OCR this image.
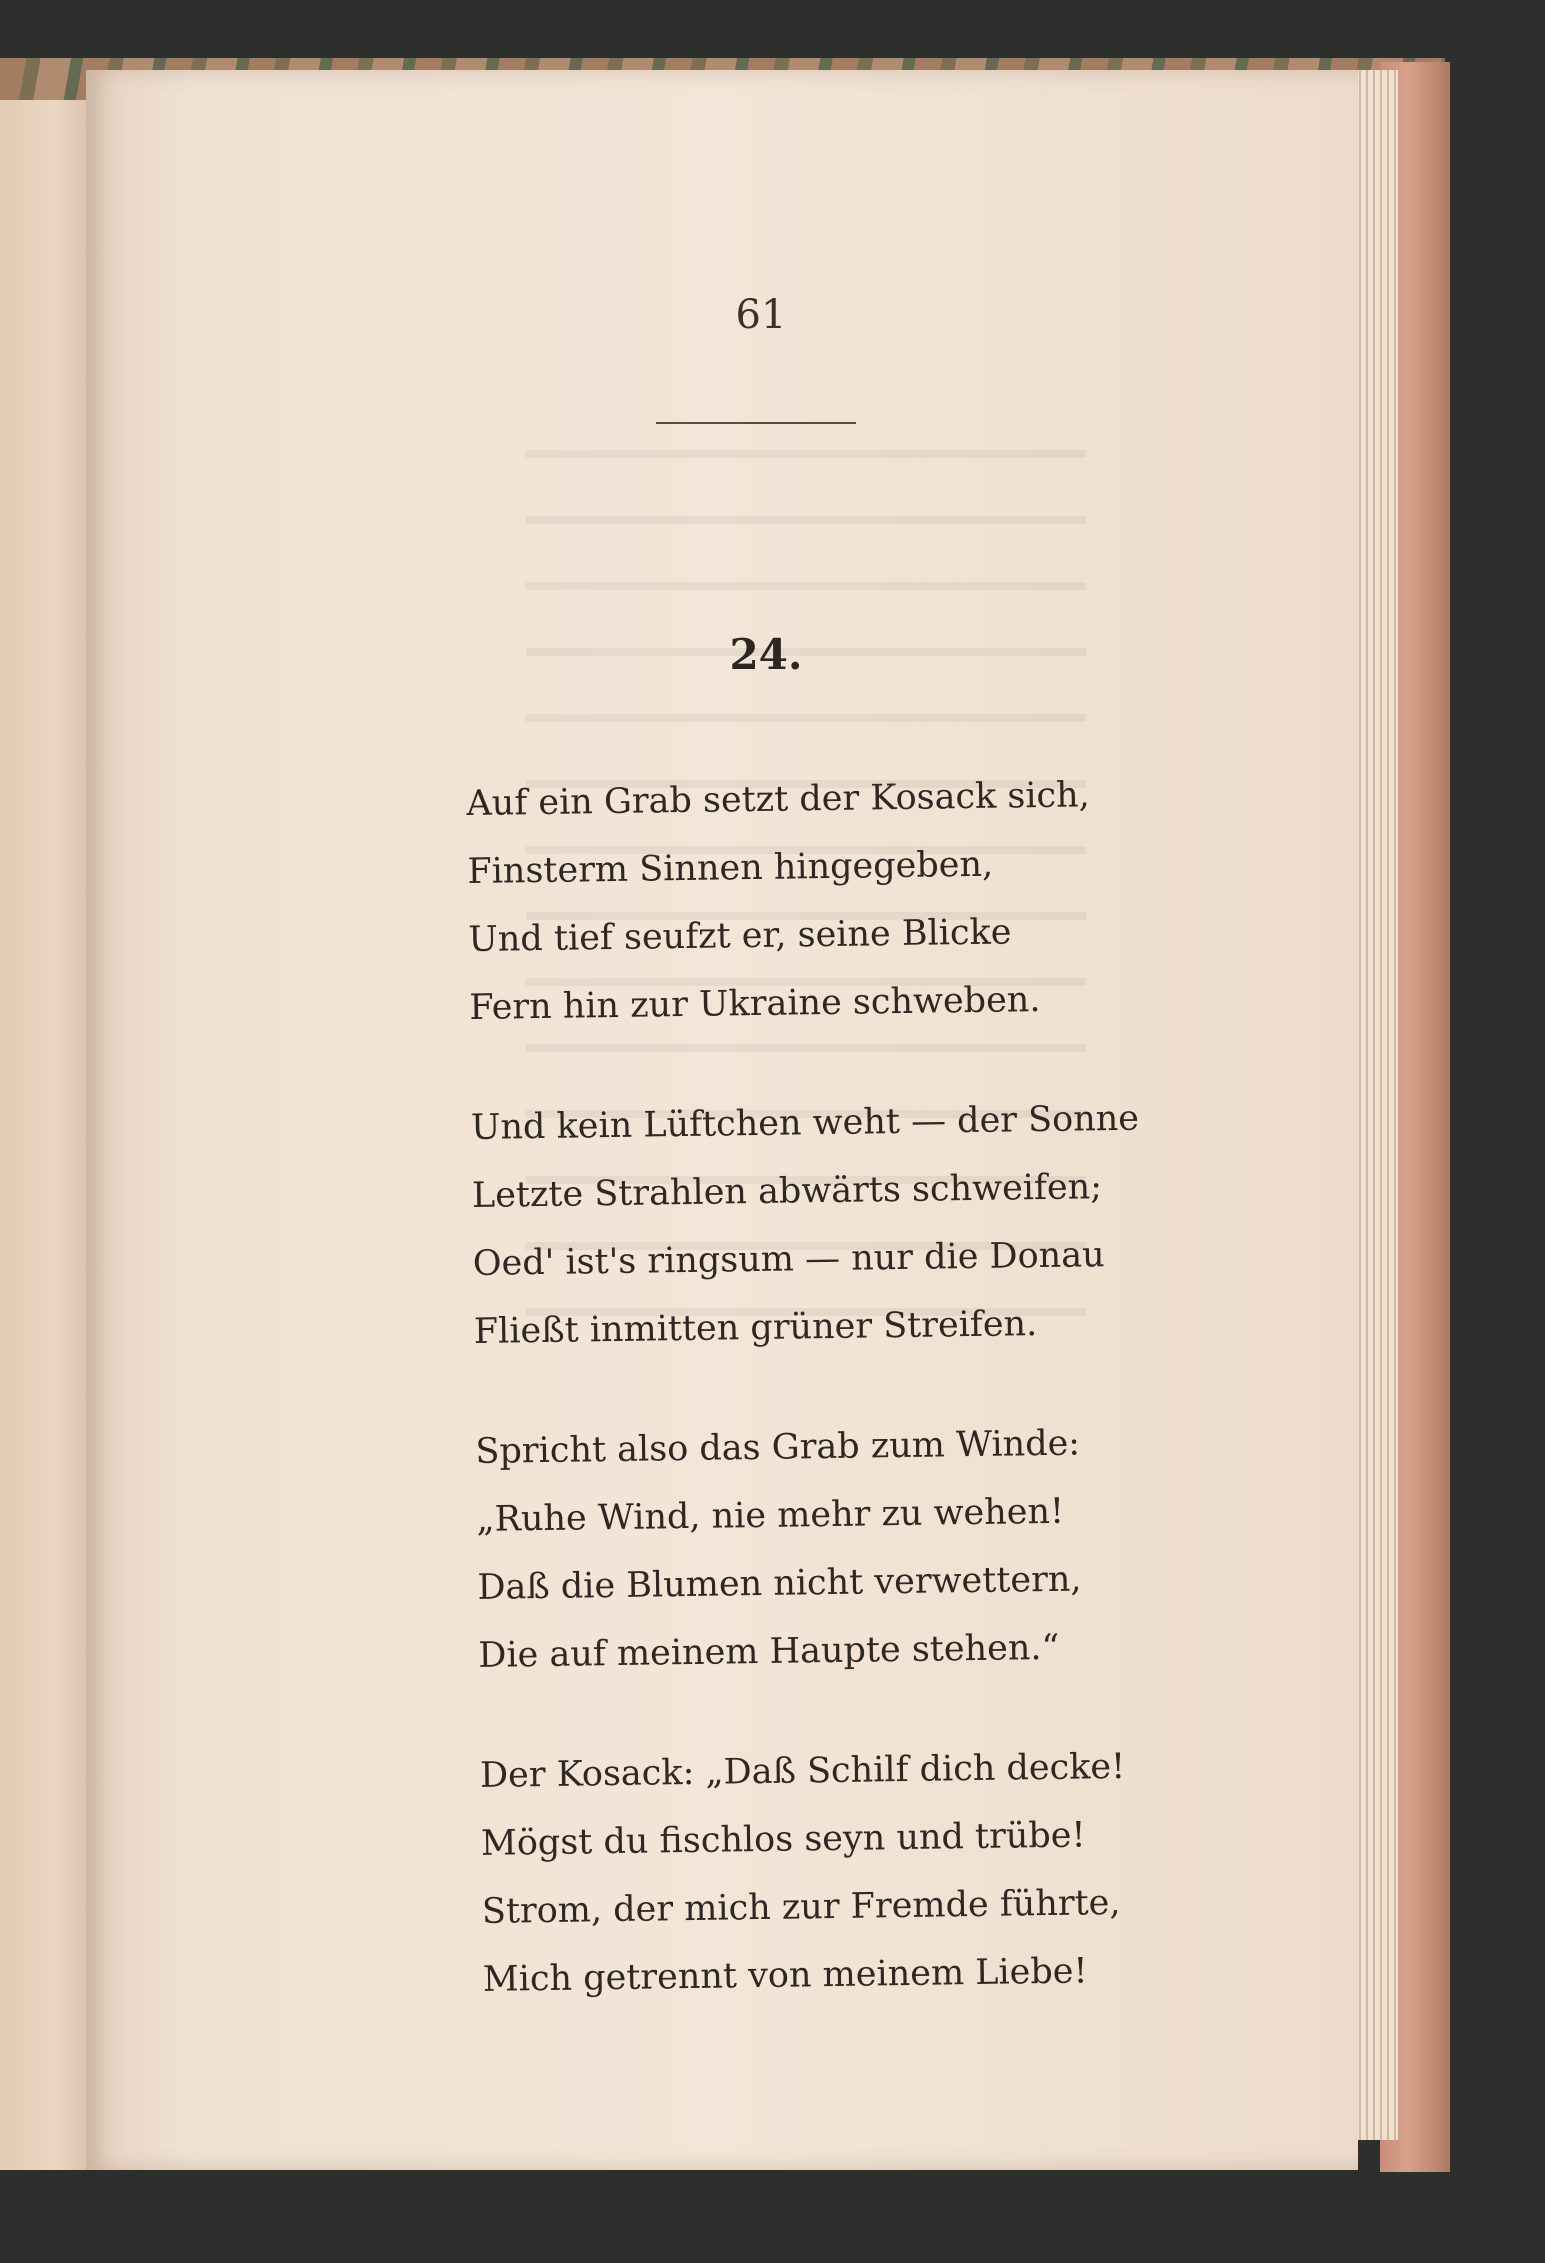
61
24.
Auf ein Grab setzt der Kosack sich,
Finsterm Sinnen hingegeben,
Und tief seufzt er, seine Blicke
Fern hin zur Ukraine schweben.
Und kein Lüftchen weht — der Sonne
Letzte Strahlen abwärts schweifen;
Oed' ist's ringsum — nur die Donau
Fließt inmitten grüner Streifen.
Spricht also das Grab zum Winde:
„Ruhe Wind, nie mehr zu wehen!
Daß die Blumen nicht verwettern,
Die auf meinem Haupte stehen.“
Der Kosack: „Daß Schilf dich decke!
Mögst du fischlos seyn und trübe!
Strom, der mich zur Fremde führte,
Mich getrennt von meinem Liebe!
